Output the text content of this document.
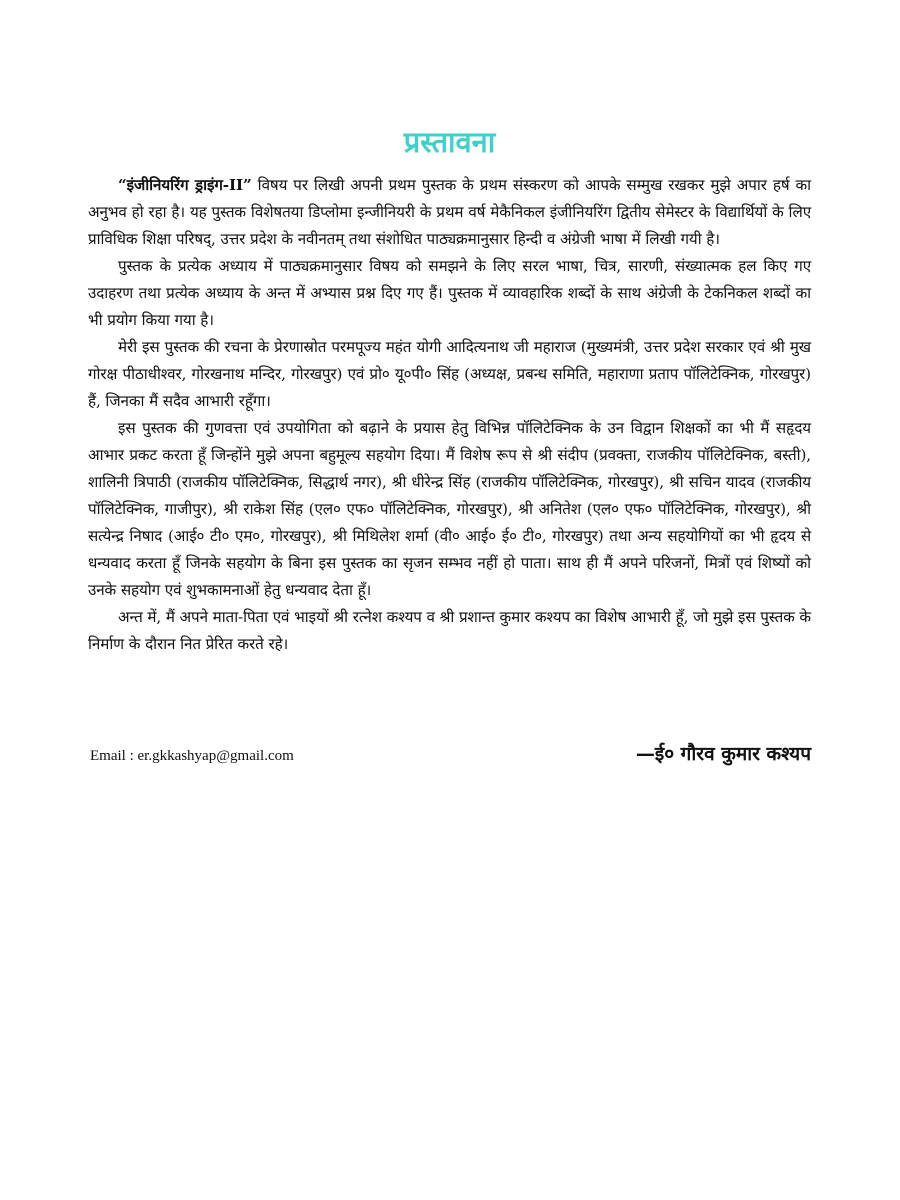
प्रस्तावना

“इंजीनियरिंग ड्राइंग-II” विषय पर लिखी अपनी प्रथम पुस्तक के प्रथम संस्करण को आपके सम्मुख रखकर मुझे अपार हर्ष का अनुभव हो रहा है। यह पुस्तक विशेषतया डिप्लोमा इन्जीनियरी के प्रथम वर्ष मेकैनिकल इंजीनियरिंग द्वितीय सेमेस्टर के विद्यार्थियों के लिए प्राविधिक शिक्षा परिषद्, उत्तर प्रदेश के नवीनतम् तथा संशोधित पाठ्यक्रमानुसार हिन्दी व अंग्रेजी भाषा में लिखी गयी है।

पुस्तक के प्रत्येक अध्याय में पाठ्यक्रमानुसार विषय को समझने के लिए सरल भाषा, चित्र, सारणी, संख्यात्मक हल किए गए उदाहरण तथा प्रत्येक अध्याय के अन्त में अभ्यास प्रश्न दिए गए हैं। पुस्तक में व्यावहारिक शब्दों के साथ अंग्रेजी के टेकनिकल शब्दों का भी प्रयोग किया गया है।

मेरी इस पुस्तक की रचना के प्रेरणास्रोत परमपूज्य महंत योगी आदित्यनाथ जी महाराज (मुख्यमंत्री, उत्तर प्रदेश सरकार एवं श्री मुख गोरक्ष पीठाधीश्वर, गोरखनाथ मन्दिर, गोरखपुर) एवं प्रो० यू०पी० सिंह (अध्यक्ष, प्रबन्ध समिति, महाराणा प्रताप पॉलिटेक्निक, गोरखपुर) हैं, जिनका मैं सदैव आभारी रहूँगा।

इस पुस्तक की गुणवत्ता एवं उपयोगिता को बढ़ाने के प्रयास हेतु विभिन्न पॉलिटेक्निक के उन विद्वान शिक्षकों का भी मैं सहृदय आभार प्रकट करता हूँ जिन्होंने मुझे अपना बहुमूल्य सहयोग दिया। मैं विशेष रूप से श्री संदीप (प्रवक्ता, राजकीय पॉलिटेक्निक, बस्ती), शालिनी त्रिपाठी (राजकीय पॉलिटेक्निक, सिद्धार्थ नगर), श्री धीरेन्द्र सिंह (राजकीय पॉलिटेक्निक, गोरखपुर), श्री सचिन यादव (राजकीय पॉलिटेक्निक, गाजीपुर), श्री राकेश सिंह (एल० एफ० पॉलिटेक्निक, गोरखपुर), श्री अनितेश (एल० एफ० पॉलिटेक्निक, गोरखपुर), श्री सत्येन्द्र निषाद (आई० टी० एम०, गोरखपुर), श्री मिथिलेश शर्मा (वी० आई० ई० टी०, गोरखपुर) तथा अन्य सहयोगियों का भी हृदय से धन्यवाद करता हूँ जिनके सहयोग के बिना इस पुस्तक का सृजन सम्भव नहीं हो पाता। साथ ही मैं अपने परिजनों, मित्रों एवं शिष्यों को उनके सहयोग एवं शुभकामनाओं हेतु धन्यवाद देता हूँ।

अन्त में, मैं अपने माता-पिता एवं भाइयों श्री रत्नेश कश्यप व श्री प्रशान्त कुमार कश्यप का विशेष आभारी हूँ, जो मुझे इस पुस्तक के निर्माण के दौरान नित प्रेरित करते रहे।

Email : er.gkkashyap@gmail.com	—ई० गौरव कुमार कश्यप
